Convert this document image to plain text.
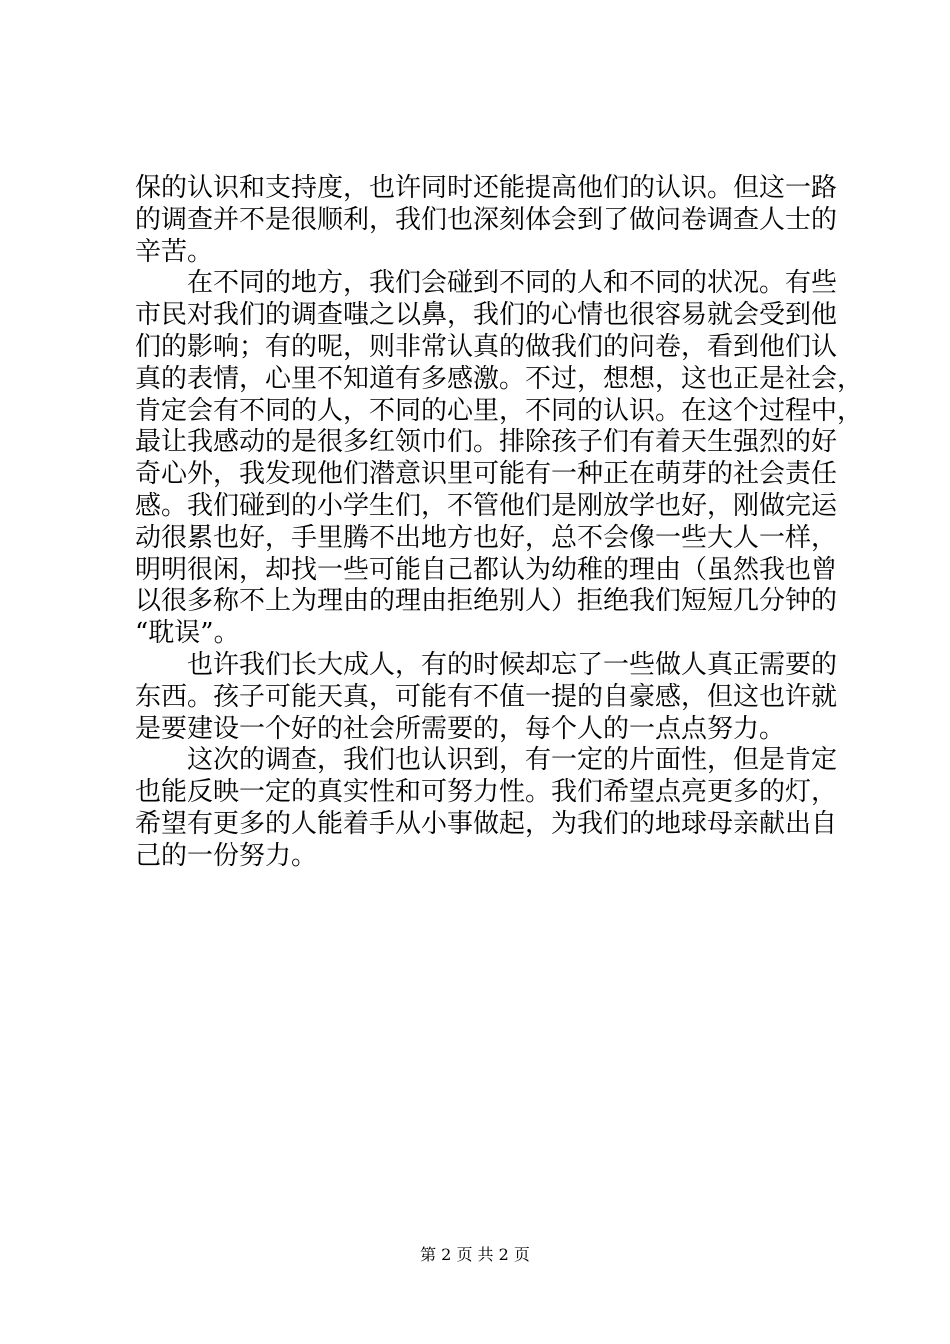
保的认识和支持度，也许同时还能提高他们的认识。但这一路
的调查并不是很顺利，我们也深刻体会到了做问卷调查人士的
辛苦。
在不同的地方，我们会碰到不同的人和不同的状况。有些
市民对我们的调查嗤之以鼻，我们的心情也很容易就会受到他
们的影响；有的呢，则非常认真的做我们的问卷，看到他们认
真的表情，心里不知道有多感激。不过，想想，这也正是社会，
肯定会有不同的人，不同的心里，不同的认识。在这个过程中，
最让我感动的是很多红领巾们。排除孩子们有着天生强烈的好
奇心外，我发现他们潜意识里可能有一种正在萌芽的社会责任
感。我们碰到的小学生们，不管他们是刚放学也好，刚做完运
动很累也好，手里腾不出地方也好，总不会像一些大人一样，
明明很闲，却找一些可能自己都认为幼稚的理由（虽然我也曾
以很多称不上为理由的理由拒绝别人）拒绝我们短短几分钟的
“耽误”。
也许我们长大成人，有的时候却忘了一些做人真正需要的
东西。孩子可能天真，可能有不值一提的自豪感，但这也许就
是要建设一个好的社会所需要的，每个人的一点点努力。
这次的调查，我们也认识到，有一定的片面性，但是肯定
也能反映一定的真实性和可努力性。我们希望点亮更多的灯，
希望有更多的人能着手从小事做起，为我们的地球母亲献出自
己的一份努力。
第 2 页 共 2 页
